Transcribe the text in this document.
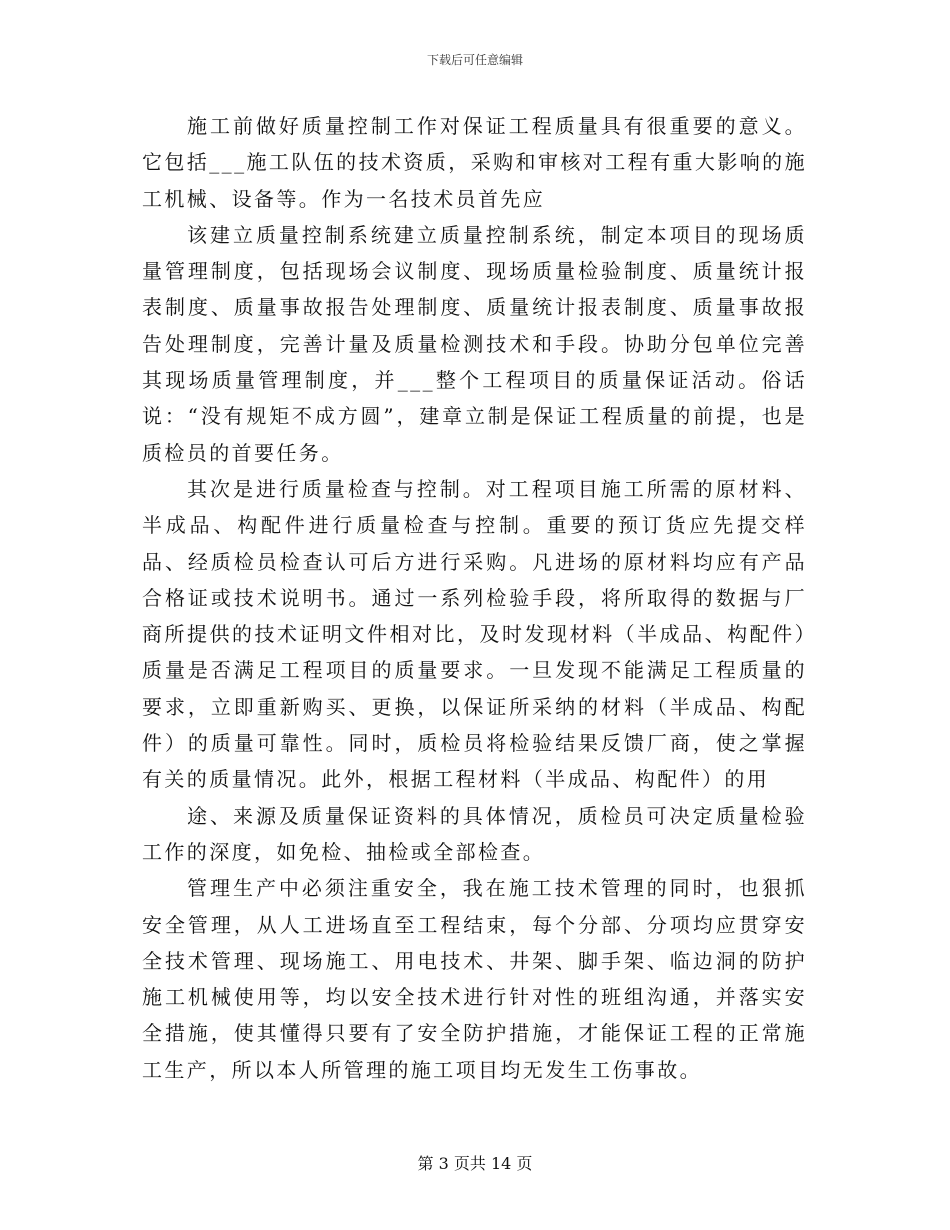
下载后可任意编辑

施工前做好质量控制工作对保证工程质量具有很重要的意义。它包括___施工队伍的技术资质，采购和审核对工程有重大影响的施工机械、设备等。作为一名技术员首先应

该建立质量控制系统建立质量控制系统，制定本项目的现场质量管理制度，包括现场会议制度、现场质量检验制度、质量统计报表制度、质量事故报告处理制度、质量统计报表制度、质量事故报告处理制度，完善计量及质量检测技术和手段。协助分包单位完善其现场质量管理制度，并___整个工程项目的质量保证活动。俗话说：“没有规矩不成方圆”，建章立制是保证工程质量的前提，也是质检员的首要任务。

其次是进行质量检查与控制。对工程项目施工所需的原材料、半成品、构配件进行质量检查与控制。重要的预订货应先提交样品、经质检员检查认可后方进行采购。凡进场的原材料均应有产品合格证或技术说明书。通过一系列检验手段，将所取得的数据与厂商所提供的技术证明文件相对比，及时发现材料（半成品、构配件）质量是否满足工程项目的质量要求。一旦发现不能满足工程质量的要求，立即重新购买、更换，以保证所采纳的材料（半成品、构配件）的质量可靠性。同时，质检员将检验结果反馈厂商，使之掌握有关的质量情况。此外，根据工程材料（半成品、构配件）的用

途、来源及质量保证资料的具体情况，质检员可决定质量检验工作的深度，如免检、抽检或全部检查。

管理生产中必须注重安全，我在施工技术管理的同时，也狠抓安全管理，从人工进场直至工程结束，每个分部、分项均应贯穿安全技术管理、现场施工、用电技术、井架、脚手架、临边洞的防护施工机械使用等，均以安全技术进行针对性的班组沟通，并落实安全措施，使其懂得只要有了安全防护措施，才能保证工程的正常施工生产，所以本人所管理的施工项目均无发生工伤事故。

第 3 页共 14 页
